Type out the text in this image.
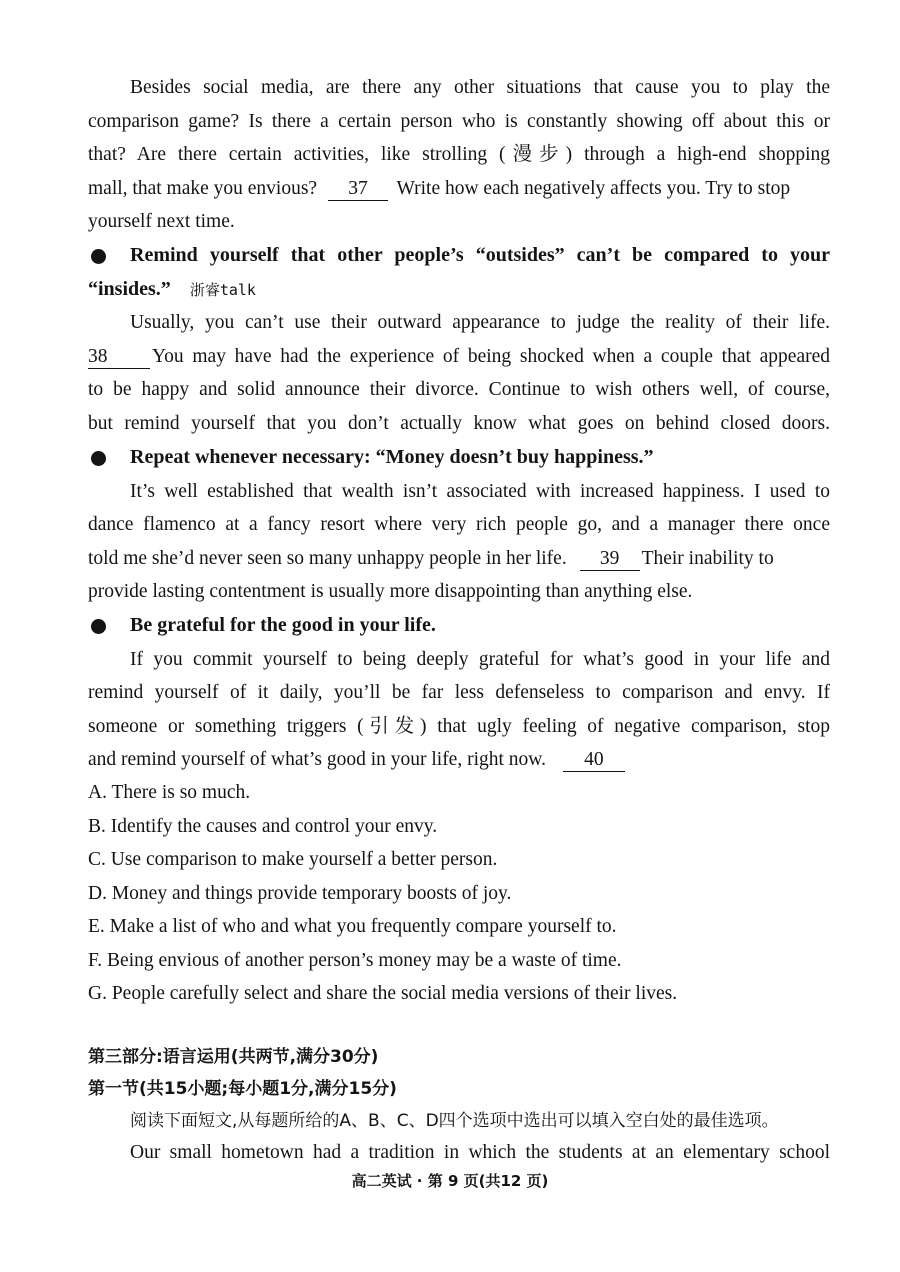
Besides social media, are there any other situations that cause you to play the
comparison game? Is there a certain person who is constantly showing off about this or
that? Are there certain activities, like strolling (漫步) through a high-end shopping
mall, that make you envious? 37 Write how each negatively affects you. Try to stop
yourself next time.
Remind yourself that other people’s “outsides” can’t be compared to your
“insides.” 浙睿talk
Usually, you can’t use their outward appearance to judge the reality of their life.
38 You may have had the experience of being shocked when a couple that appeared
to be happy and solid announce their divorce. Continue to wish others well, of course,
but remind yourself that you don’t actually know what goes on behind closed doors.
Repeat whenever necessary: “Money doesn’t buy happiness.”
It’s well established that wealth isn’t associated with increased happiness. I used to
dance flamenco at a fancy resort where very rich people go, and a manager there once
told me she’d never seen so many unhappy people in her life. 39 Their inability to
provide lasting contentment is usually more disappointing than anything else.
Be grateful for the good in your life.
If you commit yourself to being deeply grateful for what’s good in your life and
remind yourself of it daily, you’ll be far less defenseless to comparison and envy. If
someone or something triggers (引发) that ugly feeling of negative comparison, stop
and remind yourself of what’s good in your life, right now. 40
A. There is so much.
B. Identify the causes and control your envy.
C. Use comparison to make yourself a better person.
D. Money and things provide temporary boosts of joy.
E. Make a list of who and what you frequently compare yourself to.
F. Being envious of another person’s money may be a waste of time.
G. People carefully select and share the social media versions of their lives.
第三部分:语言运用(共两节,满分30分)
第一节(共15小题;每小题1分,满分15分)
阅读下面短文,从每题所给的A、B、C、D四个选项中选出可以填入空白处的最佳选项。
Our small hometown had a tradition in which the students at an elementary school
高二英试 · 第 9 页(共12 页)
